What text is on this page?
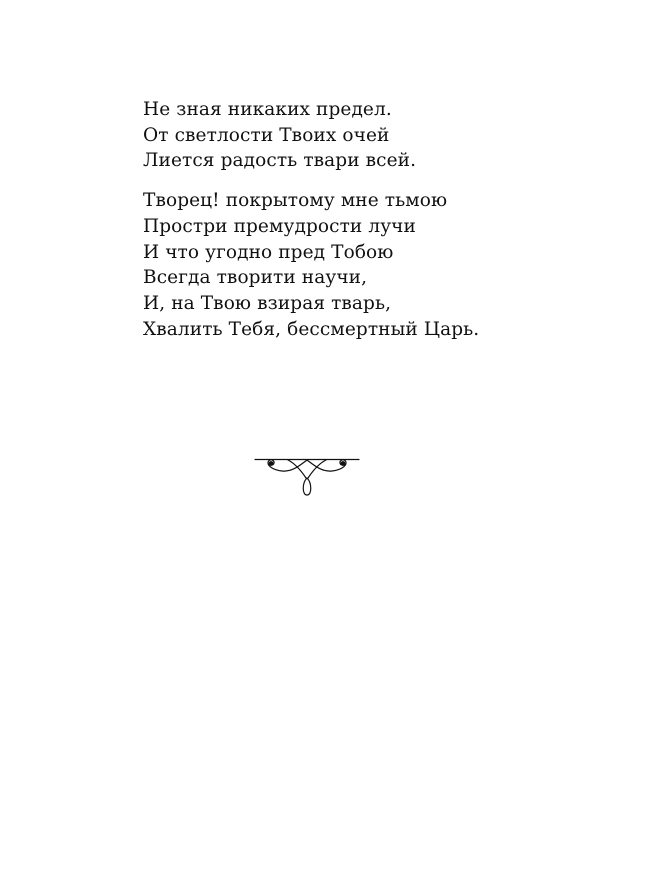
Не зная никаких предел.
От светлости Твоих очей
Лиется радость твари всей.
Творец! покрытому мне тьмою
Простри премудрости лучи
И что угодно пред Тобою
Всегда творити научи,
И, на Твою взирая тварь,
Хвалить Тебя, бессмертный Царь.
